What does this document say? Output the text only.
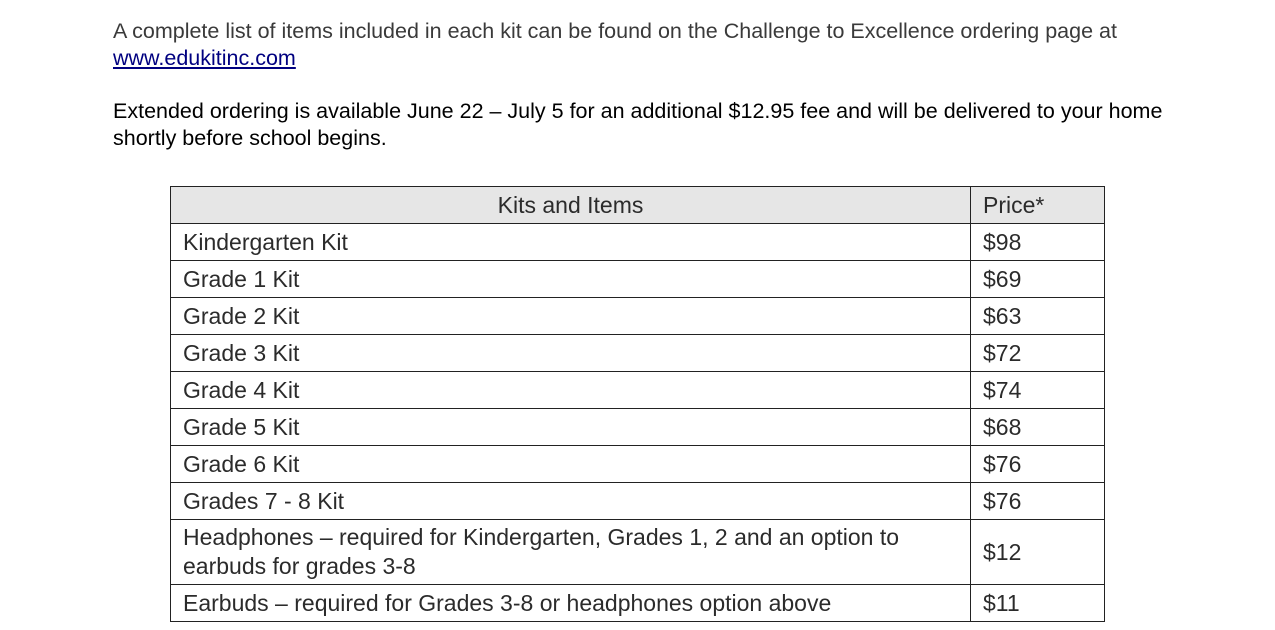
A complete list of items included in each kit can be found on the Challenge to Excellence ordering page at www.edukitinc.com

Extended ordering is available June 22 – July 5 for an additional $12.95 fee and will be delivered to your home shortly before school begins.

Kits and Items	Price*
Kindergarten Kit	$98
Grade 1 Kit	$69
Grade 2 Kit	$63
Grade 3 Kit	$72
Grade 4 Kit	$74
Grade 5 Kit	$68
Grade 6 Kit	$76
Grades 7 - 8 Kit	$76
Headphones – required for Kindergarten, Grades 1, 2 and an option to earbuds for grades 3-8	$12
Earbuds – required for Grades 3-8 or headphones option above	$11
